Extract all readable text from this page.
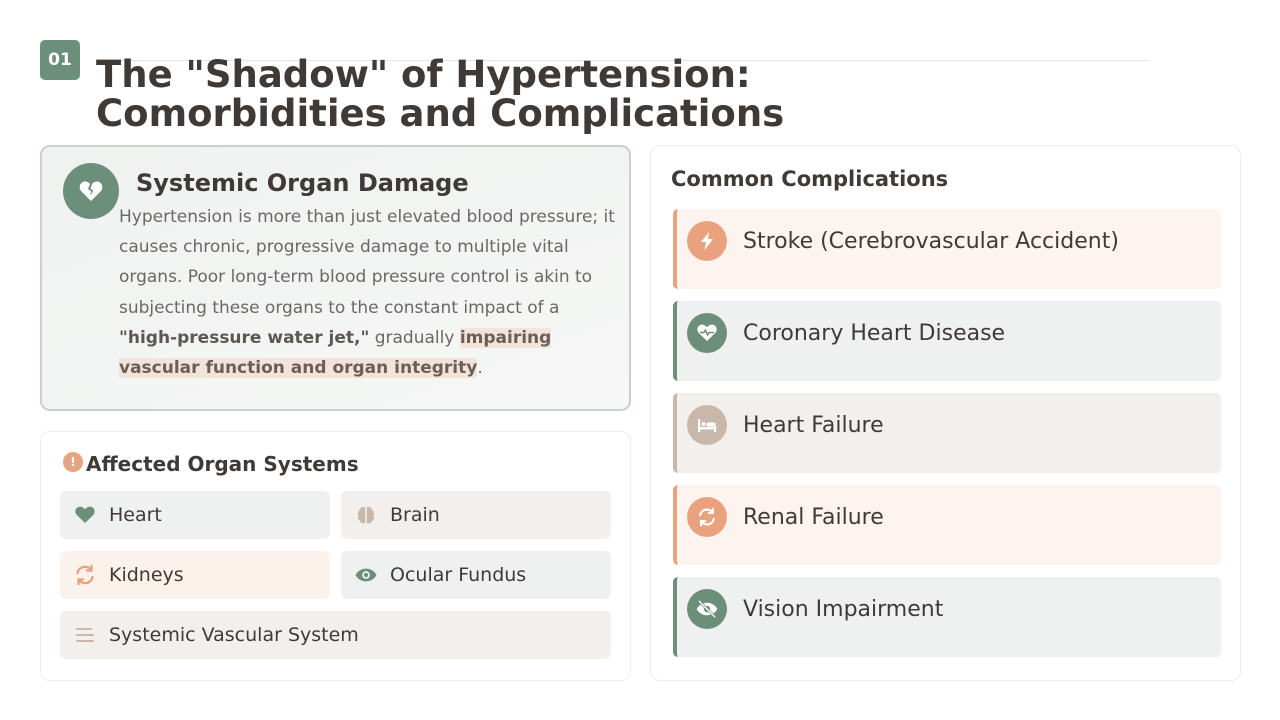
01 The "Shadow" of Hypertension:
Comorbidities and Complications
Systemic Organ Damage

Hypertension is more than just elevated blood pressure; it causes chronic, progressive damage to multiple vital organs. Poor long-term blood pressure control is akin to subjecting these organs to the constant impact of a "high-pressure water jet," gradually impairing vascular function and organ integrity.

! Affected Organ Systems
Heart	Brain
Kidneys	Ocular Fundus
Systemic Vascular System
Common Complications
Stroke (Cerebrovascular Accident)
Coronary Heart Disease
Heart Failure
Renal Failure
Vision Impairment
